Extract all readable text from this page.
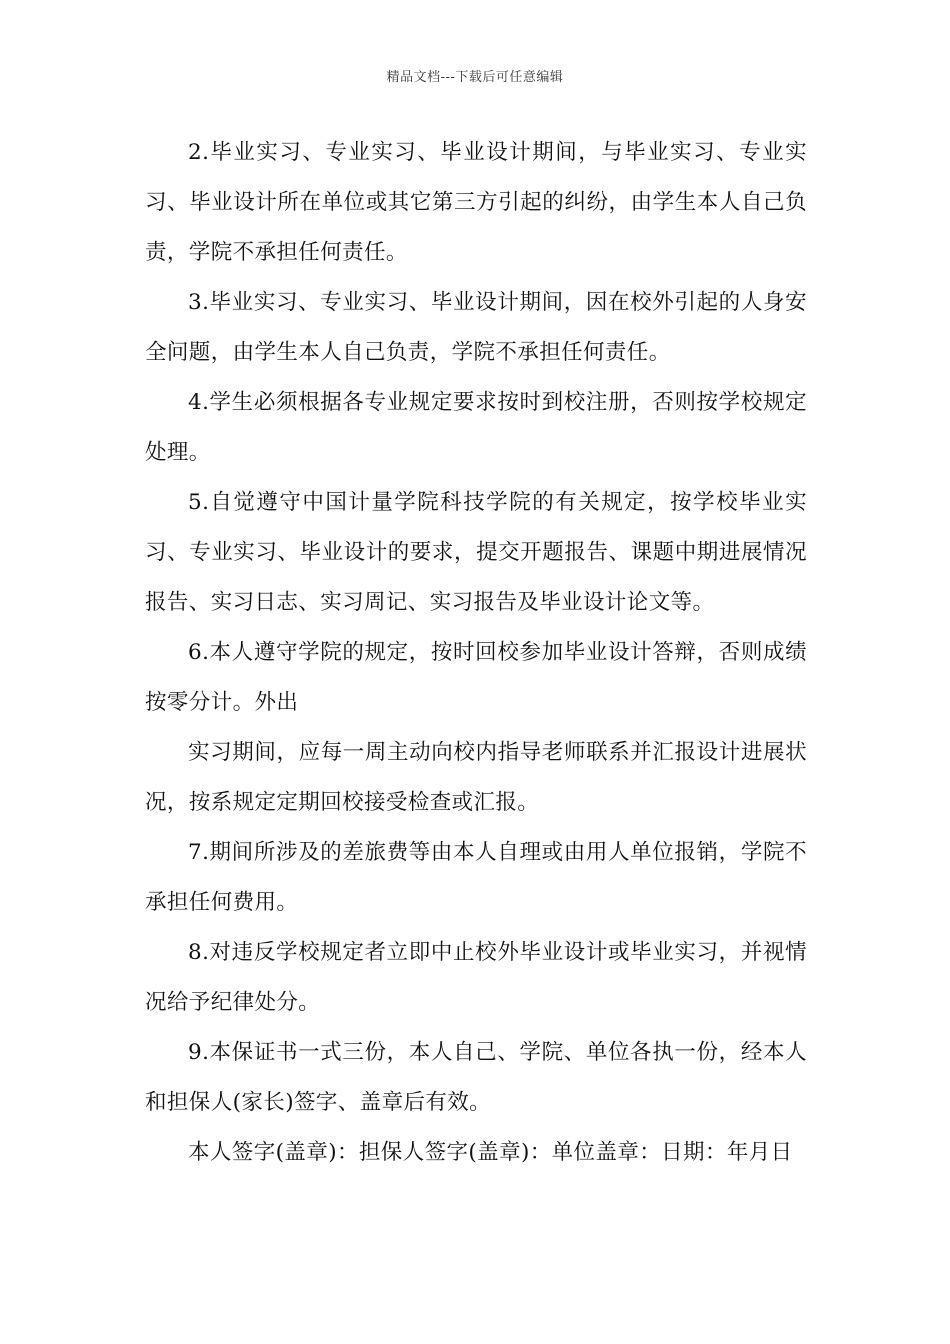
精品文档---下载后可任意编辑

2.毕业实习、专业实习、毕业设计期间，与毕业实习、专业实习、毕业设计所在单位或其它第三方引起的纠纷，由学生本人自己负责，学院不承担任何责任。

3.毕业实习、专业实习、毕业设计期间，因在校外引起的人身安全问题，由学生本人自己负责，学院不承担任何责任。

4.学生必须根据各专业规定要求按时到校注册，否则按学校规定处理。

5.自觉遵守中国计量学院科技学院的有关规定，按学校毕业实习、专业实习、毕业设计的要求，提交开题报告、课题中期进展情况报告、实习日志、实习周记、实习报告及毕业设计论文等。

6.本人遵守学院的规定，按时回校参加毕业设计答辩，否则成绩按零分计。外出

实习期间，应每一周主动向校内指导老师联系并汇报设计进展状况，按系规定定期回校接受检查或汇报。

7.期间所涉及的差旅费等由本人自理或由用人单位报销，学院不承担任何费用。

8.对违反学校规定者立即中止校外毕业设计或毕业实习，并视情况给予纪律处分。

9.本保证书一式三份，本人自己、学院、单位各执一份，经本人和担保人(家长)签字、盖章后有效。

本人签字(盖章)：担保人签字(盖章)：单位盖章：日期：年月日
